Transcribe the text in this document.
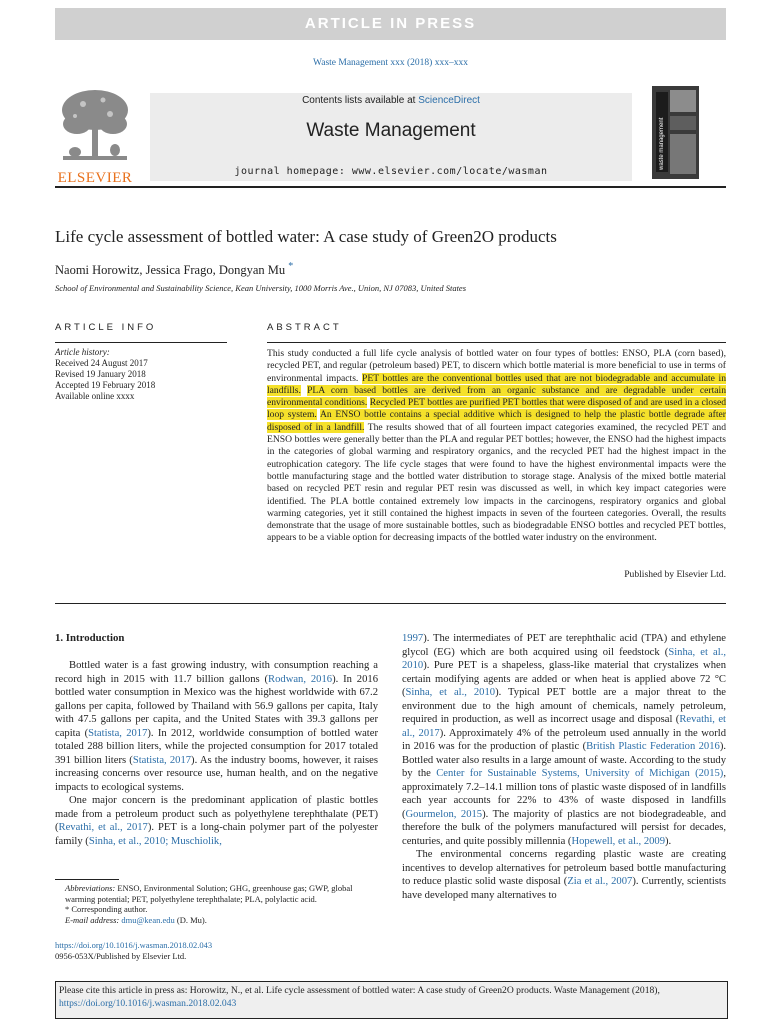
ARTICLE IN PRESS
Waste Management xxx (2018) xxx–xxx
ELSEVIER
Contents lists available at ScienceDirect
Waste Management
journal homepage: www.elsevier.com/locate/wasman
waste management
Life cycle assessment of bottled water: A case study of Green2O products
Naomi Horowitz, Jessica Frago, Dongyan Mu *
School of Environmental and Sustainability Science, Kean University, 1000 Morris Ave., Union, NJ 07083, United States
ARTICLE INFO
Article history:
Received 24 August 2017
Revised 19 January 2018
Accepted 19 February 2018
Available online xxxx
ABSTRACT
This study conducted a full life cycle analysis of bottled water on four types of bottles: ENSO, PLA (corn based), recycled PET, and regular (petroleum based) PET, to discern which bottle material is more beneficial to use in terms of environmental impacts. PET bottles are the conventional bottles used that are not biodegradable and accumulate in landfills. PLA corn based bottles are derived from an organic substance and are degradable under certain environmental conditions. Recycled PET bottles are purified PET bottles that were disposed of and are used in a closed loop system. An ENSO bottle contains a special additive which is designed to help the plastic bottle degrade after disposed of in a landfill. The results showed that of all fourteen impact categories examined, the recycled PET and ENSO bottles were generally better than the PLA and regular PET bottles; however, the ENSO had the highest impacts in the categories of global warming and respiratory organics, and the recycled PET had the highest impact in the eutrophication category. The life cycle stages that were found to have the highest environmental impacts were the bottle manufacturing stage and the bottled water distribution to storage stage. Analysis of the mixed bottle material based on recycled PET resin and regular PET resin was discussed as well, in which key impact categories were identified. The PLA bottle contained extremely low impacts in the carcinogens, respiratory organics and global warming categories, yet it still contained the highest impacts in seven of the fourteen categories. Overall, the results demonstrate that the usage of more sustainable bottles, such as biodegradable ENSO bottles and recycled PET bottles, appears to be a viable option for decreasing impacts of the bottled water industry on the environment.
Published by Elsevier Ltd.
1. Introduction

Bottled water is a fast growing industry, with consumption reaching a record high in 2015 with 11.7 billion gallons (Rodwan, 2016). In 2016 bottled water consumption in Mexico was the highest worldwide with 67.2 gallons per capita, followed by Thailand with 56.9 gallons per capita, Italy with 47.5 gallons per capita, and the United States with 39.3 gallons per capita (Statista, 2017). In 2012, worldwide consumption of bottled water totaled 288 billion liters, while the projected consumption for 2017 totaled 391 billion liters (Statista, 2017). As the industry booms, however, it raises increasing concerns over resource use, human health, and on the negative impacts to ecological systems.

One major concern is the predominant application of plastic bottles made from a petroleum product such as polyethylene terephthalate (PET) (Revathi, et al., 2017). PET is a long-chain polymer part of the polyester family (Sinha, et al., 2010; Muschiolik,

1997). The intermediates of PET are terephthalic acid (TPA) and ethylene glycol (EG) which are both acquired using oil feedstock (Sinha, et al., 2010). Pure PET is a shapeless, glass-like material that crystalizes when certain modifying agents are added or when heat is applied above 72 °C (Sinha, et al., 2010). Typical PET bottle are a major threat to the environment due to the high amount of chemicals, namely petroleum, required in production, as well as incorrect usage and disposal (Revathi, et al., 2017). Approximately 4% of the petroleum used annually in the world in 2016 was for the production of plastic (British Plastic Federation 2016). Bottled water also results in a large amount of waste. According to the study by the Center for Sustainable Systems, University of Michigan (2015), approximately 7.2–14.1 million tons of plastic waste disposed of in landfills each year accounts for 22% to 43% of waste disposed in landfills (Gourmelon, 2015). The majority of plastics are not biodegradeable, and therefore the bulk of the polymers manufactured will persist for decades, centuries, and quite possibly millennia (Hopewell, et al., 2009).

The environmental concerns regarding plastic waste are creating incentives to develop alternatives for petroleum based bottle manufacturing to reduce plastic solid waste disposal (Zia et al., 2007). Currently, scientists have developed many alternatives to

Abbreviations: ENSO, Environmental Solution; GHG, greenhouse gas; GWP, global warming potential; PET, polyethylene terephthalate; PLA, polylactic acid.

* Corresponding author.

E-mail address: dmu@kean.edu (D. Mu).

https://doi.org/10.1016/j.wasman.2018.02.043
0956-053X/Published by Elsevier Ltd.
Please cite this article in press as: Horowitz, N., et al. Life cycle assessment of bottled water: A case study of Green2O products. Waste Management (2018),
https://doi.org/10.1016/j.wasman.2018.02.043
